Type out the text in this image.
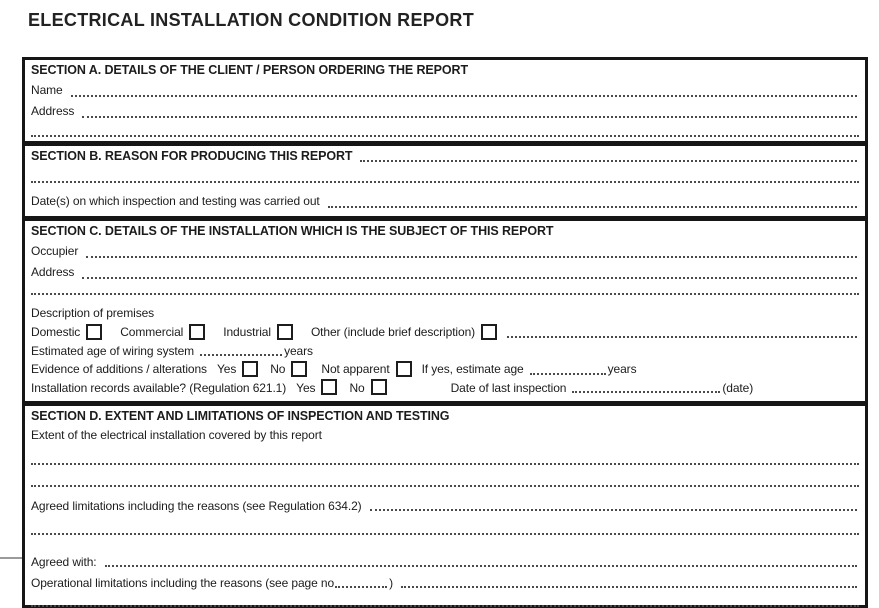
ELECTRICAL INSTALLATION CONDITION REPORT
SECTION A. DETAILS OF THE CLIENT / PERSON ORDERING THE REPORT
Name
Address
SECTION B. REASON FOR PRODUCING THIS REPORT
Date(s) on which inspection and testing was carried out
SECTION C. DETAILS OF THE INSTALLATION WHICH IS THE SUBJECT OF THIS REPORT
Occupier
Address
Description of premises
Domestic	Commercial	Industrial	Other (include brief description)
Estimated age of wiring system	years
Evidence of additions / alterations Yes	No	Not apparent	If yes, estimate age	years
Installation records available? (Regulation 621.1) Yes	No	Date of last inspection	(date)
SECTION D. EXTENT AND LIMITATIONS OF INSPECTION AND TESTING
Extent of the electrical installation covered by this report
Agreed limitations including the reasons (see Regulation 634.2)
Agreed with:
Operational limitations including the reasons (see page no	)
